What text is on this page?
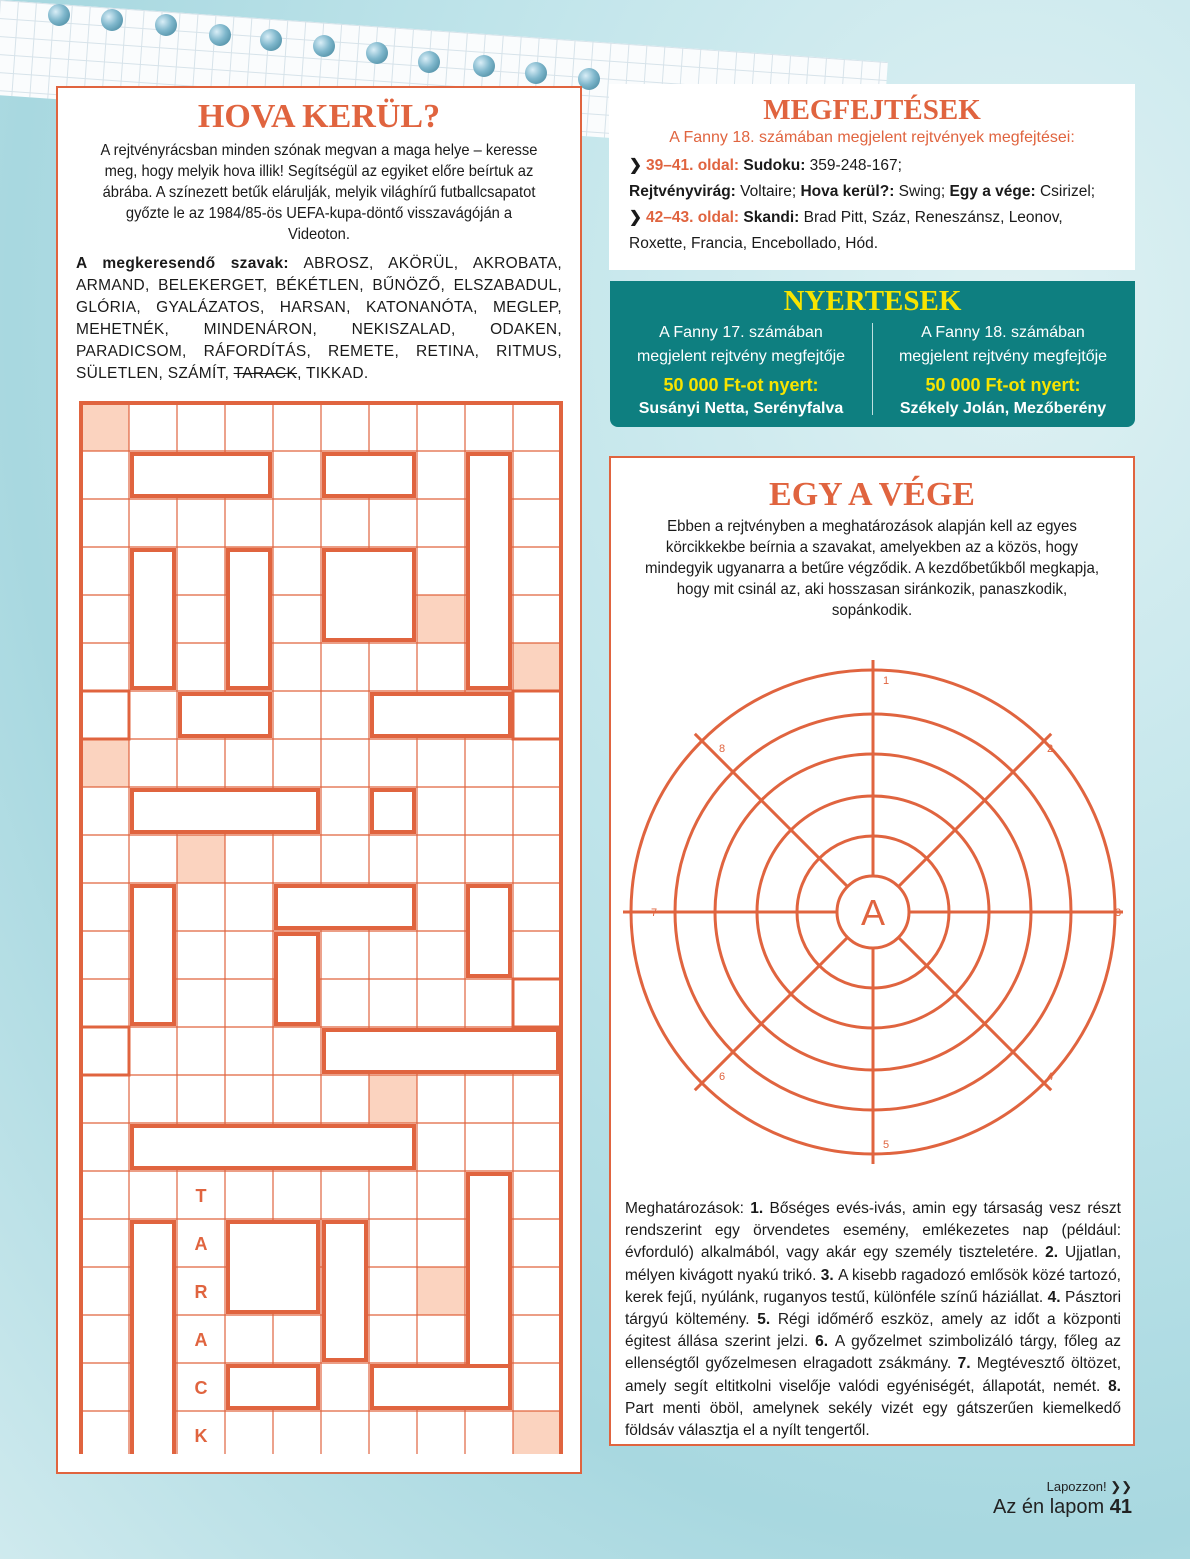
HOVA KERÜL?
A rejtvényrácsban minden szónak megvan a maga helye – keresse meg, hogy melyik hova illik! Segítségül az egyiket előre beírtuk az ábrába. A színezett betűk elárulják, melyik világhírű futballcsapatot győzte le az 1984/85-ös UEFA-kupa-döntő visszavágóján a Videoton.
A megkeresendő szavak: ABROSZ, AKÖRÜL, AKROBATA, ARMAND, BELEKERGET, BÉKÉTLEN, BŰNÖZŐ, ELSZABADUL, GLÓRIA, GYALÁZATOS, HARSAN, KATONANÓTA, MEGLEP, MEHETNÉK, MINDENÁRON, NEKISZALAD, ODAKEN, PARADICSOM, RÁFORDÍTÁS, REMETE, RETINA, RITMUS, SÜLETLEN, SZÁMÍT, TARACK, TIKKAD.
T
A
R
A
C
K
MEGFEJTÉSEK
A Fanny 18. számában megjelent rejtvények megfejtései:
❯ 39–41. oldal: Sudoku: 359-248-167;
Rejtvényvirág: Voltaire; Hova kerül?: Swing; Egy a vége: Csirizel;
❯ 42–43. oldal: Skandi: Brad Pitt, Száz, Reneszánsz, Leonov, Roxette, Francia, Encebollado, Hód.
NYERTESEK
A Fanny 17. számában
megjelent rejtvény megfejtője
50 000 Ft-ot nyert:
Susányi Netta, Serényfalva
A Fanny 18. számában
megjelent rejtvény megfejtője
50 000 Ft-ot nyert:
Székely Jolán, Mezőberény
EGY A VÉGE
Ebben a rejtvényben a meghatározások alapján kell az egyes körcikkekbe beírnia a szavakat, amelyekben az a közös, hogy mindegyik ugyanarra a betűre végződik. A kezdőbetűkből megkapja, hogy mit csinál az, aki hosszasan siránkozik, panaszkodik, sopánkodik.
1
2
3
4
5
6
7
8
A
Meghatározások: 1. Bőséges evés-ivás, amin egy társaság vesz részt rendszerint egy örvendetes esemény, emlékezetes nap (például: évforduló) alkalmából, vagy akár egy személy tiszteletére. 2. Ujjatlan, mélyen kivágott nyakú trikó. 3. A kisebb ragadozó emlősök közé tartozó, kerek fejű, nyúlánk, ruganyos testű, különféle színű háziállat. 4. Pásztori tárgyú költemény. 5. Régi időmérő eszköz, amely az időt a központi égitest állása szerint jelzi. 6. A győzelmet szimbolizáló tárgy, főleg az ellenségtől győzelmesen elragadott zsákmány. 7. Megtévesztő öltözet, amely segít eltitkolni viselője valódi egyéniségét, állapotát, nemét. 8. Part menti öböl, amelynek sekély vizét egy gátszerűen kiemelkedő földsáv választja el a nyílt tengertől.
Lapozzon! ❯❯
Az én lapom 41
